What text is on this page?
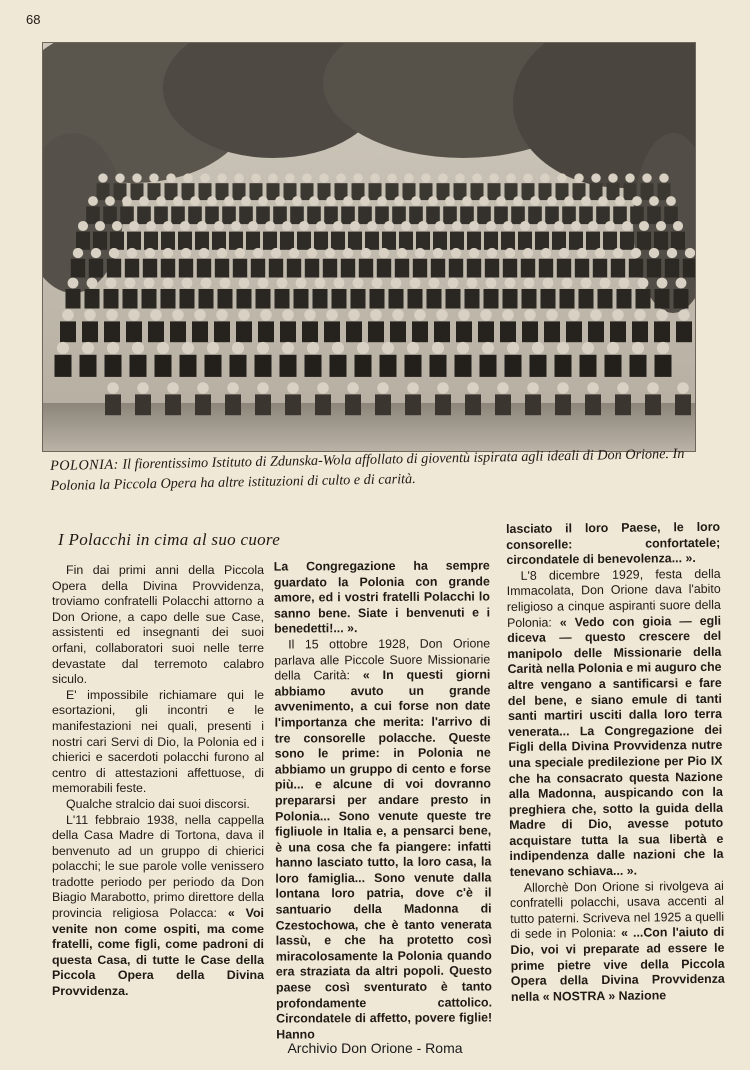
68

POLONIA: Il fiorentissimo Istituto di Zdunska-Wola affollato di gioventù ispirata agli ideali di Don Orione. In Polonia la Piccola Opera ha altre istituzioni di culto e di carità.

I Polacchi in cima al suo cuore

Fin dai primi anni della Piccola Opera della Divina Provvidenza, troviamo confratelli Polacchi attorno a Don Orione, a capo delle sue Case, assistenti ed insegnanti dei suoi orfani, collaboratori suoi nelle terre devastate dal terremoto calabro siculo.

E' impossibile richiamare qui le esortazioni, gli incontri e le manifestazioni nei quali, presenti i nostri cari Servi di Dio, la Polonia ed i chierici e sacerdoti polacchi furono al centro di attestazioni affettuose, di memorabili feste.

Qualche stralcio dai suoi discorsi.

L'11 febbraio 1938, nella cappella della Casa Madre di Tortona, dava il benvenuto ad un gruppo di chierici polacchi; le sue parole volle venissero tradotte periodo per periodo da Don Biagio Marabotto, primo direttore della provincia religiosa Polacca: « Voi venite non come ospiti, ma come fratelli, come figli, come padroni di questa Casa, di tutte le Case della Piccola Opera della Divina Provvidenza.

La Congregazione ha sempre guardato la Polonia con grande amore, ed i vostri fratelli Polacchi lo sanno bene. Siate i benvenuti e i benedetti!... ».

Il 15 ottobre 1928, Don Orione parlava alle Piccole Suore Missionarie della Carità: « In questi giorni abbiamo avuto un grande avvenimento, a cui forse non date l'importanza che merita: l'arrivo di tre consorelle polacche. Queste sono le prime: in Polonia ne abbiamo un gruppo di cento e forse più... e alcune di voi dovranno prepararsi per andare presto in Polonia... Sono venute queste tre figliuole in Italia e, a pensarci bene, è una cosa che fa piangere: infatti hanno lasciato tutto, la loro casa, la loro famiglia... Sono venute dalla lontana loro patria, dove c'è il santuario della Madonna di Czestochowa, che è tanto venerata lassù, e che ha protetto così miracolosamente la Polonia quando era straziata da altri popoli. Questo paese così sventurato è tanto profondamente cattolico. Circondatele di affetto, povere figlie! Hanno

lasciato il loro Paese, le loro consorelle: confortatele; circondatele di benevolenza... ».

L'8 dicembre 1929, festa della Immacolata, Don Orione dava l'abito religioso a cinque aspiranti suore della Polonia: « Vedo con gioia — egli diceva — questo crescere del manipolo delle Missionarie della Carità nella Polonia e mi auguro che altre vengano a santificarsi e fare del bene, e siano emule di tanti santi martiri usciti dalla loro terra venerata... La Congregazione dei Figli della Divina Provvidenza nutre una speciale predilezione per Pio IX che ha consacrato questa Nazione alla Madonna, auspicando con la preghiera che, sotto la guida della Madre di Dio, avesse potuto acquistare tutta la sua libertà e indipendenza dalle nazioni che la tenevano schiava... ».

Allorchè Don Orione si rivolgeva ai confratelli polacchi, usava accenti al tutto paterni. Scriveva nel 1925 a quelli di sede in Polonia: « ...Con l'aiuto di Dio, voi vi preparate ad essere le prime pietre vive della Piccola Opera della Divina Provvidenza nella « NOSTRA » Nazione

Archivio Don Orione - Roma
